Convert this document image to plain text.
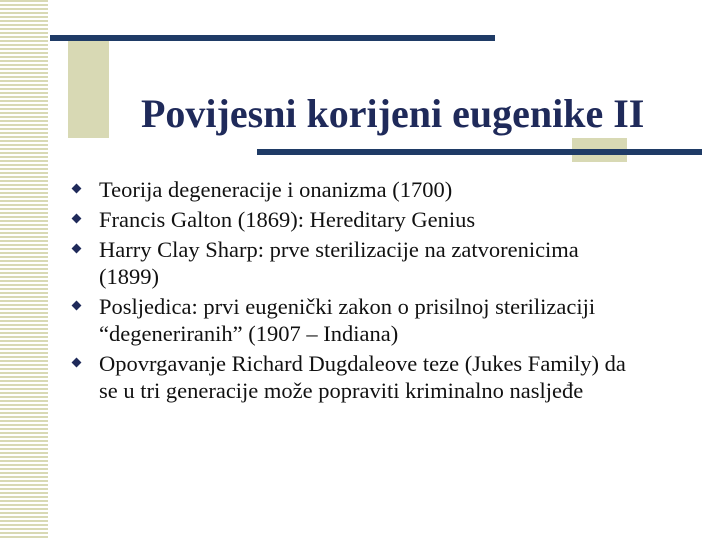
Povijesni korijeni eugenike II
Teorija degeneracije i onanizma (1700)
Francis Galton (1869): Hereditary Genius
Harry Clay Sharp: prve sterilizacije na zatvorenicima (1899)
Posljedica: prvi eugenički zakon o prisilnoj sterilizaciji “degeneriranih” (1907 – Indiana)
Opovrgavanje Richard Dugdaleove teze (Jukes Family) da se u tri generacije može popraviti kriminalno nasljeđe
